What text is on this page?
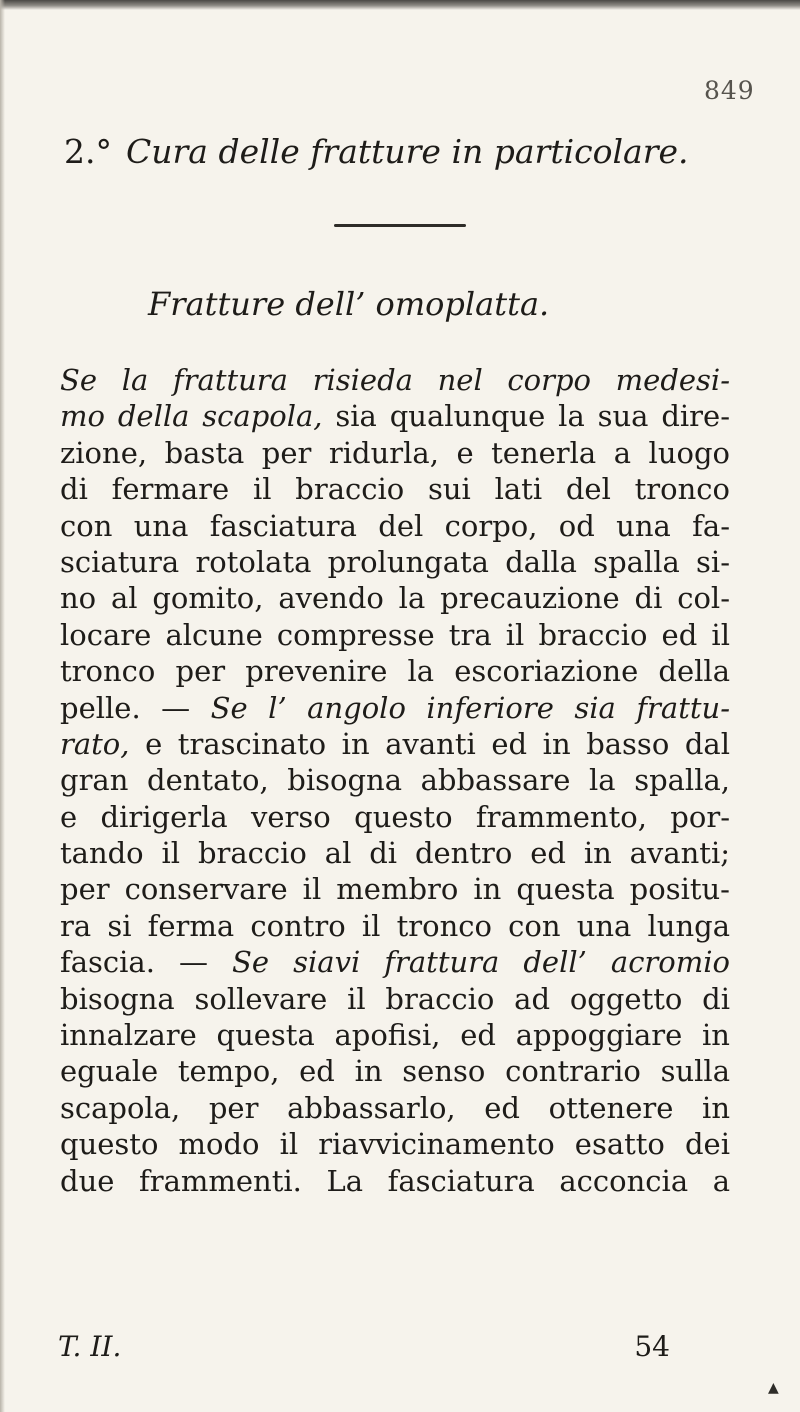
849
2.° Cura delle fratture in particolare.
Fratture dell’ omoplatta.
Se la frattura risieda nel corpo medesi-
mo della scapola, sia qualunque la sua dire-
zione, basta per ridurla, e tenerla a luogo
di fermare il braccio sui lati del tronco
con una fasciatura del corpo, od una fa-
sciatura rotolata prolungata dalla spalla si-
no al gomito, avendo la precauzione di col-
locare alcune compresse tra il braccio ed il
tronco per prevenire la escoriazione della
pelle. — Se l’ angolo inferiore sia frattu-
rato, e trascinato in avanti ed in basso dal
gran dentato, bisogna abbassare la spalla,
e dirigerla verso questo frammento, por-
tando il braccio al di dentro ed in avanti;
per conservare il membro in questa positu-
ra si ferma contro il tronco con una lunga
fascia. — Se siavi frattura dell’ acromio
bisogna sollevare il braccio ad oggetto di
innalzare questa apofisi, ed appoggiare in
eguale tempo, ed in senso contrario sulla
scapola, per abbassarlo, ed ottenere in
questo modo il riavvicinamento esatto dei
due frammenti. La fasciatura acconcia a
T. II.	54
▲
